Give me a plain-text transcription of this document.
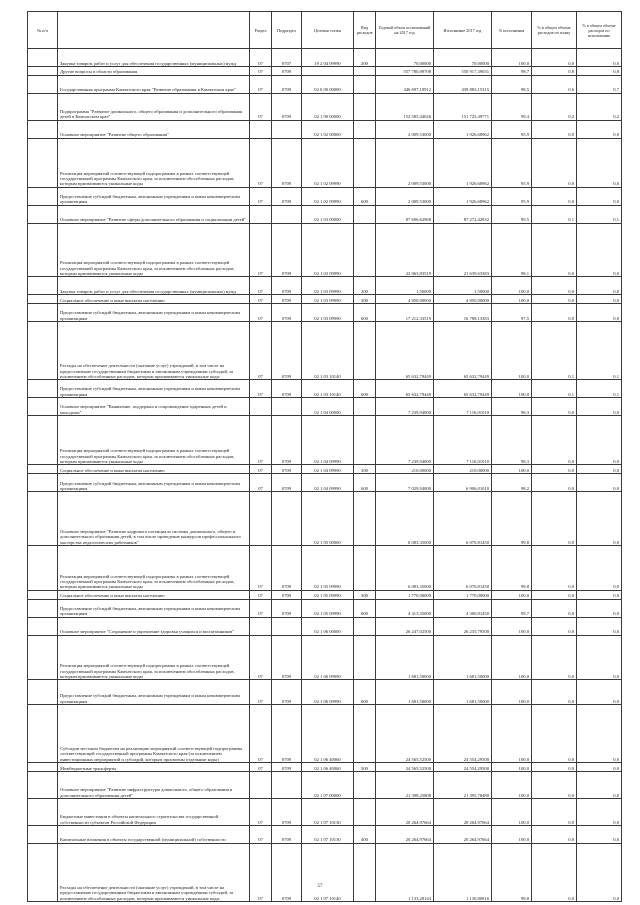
№ п/п		Раздел	Подраздел	Целевая статья	Вид расходов	Годовой объем ассигнований на 2017 год	Исполнение 2017 год	% исполнения	% в общем объеме расходов по плану	% в общем объеме расходов по исполнению
	Закупка товаров, работ и услуг для обеспечения государственных (муниципальных) нужд	07	0707	19 2 04 09990	200	70,00000	70,00000	100,0	0,0	0,0
	Другие вопросы в области образования	07	0709			557 780,89708	550 917,39031	98,7	0,8	0,8
	Государственная программа Камчатского края "Развитие образования в Камчатском крае"	07	0709	02 0 00 00000		446 697,19912	439 883,15315	98,5	0,6	0,7
	Подпрограмма "Развитие дошкольного, общего образования и дополнительного образования детей в Камчатском крае"	07	0709	02 1 00 00000		152 585,44026	151 725,49771	99,4	0,2	0,2
	Основное мероприятие "Развитие общего образования"			02 1 02 00000		2 009,53000	1 926,68962	95,9	0,0	0,0
	Реализация мероприятий соответствующей подпрограммы в рамках соответствующей государственной программы Камчатского края, за исключением обособленных расходов, которым присваиваются уникальные коды	07	0709	02 1 02 09990		2 009,53000	1 926,68962	95,9	0,0	0,0
	Предоставление субсидий бюджетным, автономным учреждениям и иным некоммерческим организациям	07	0709	02 1 02 09990	600	2 009,53000	1 926,68962	95,9	0,0	0,0
	Основное мероприятие "Развитие сферы дополнительного образования и социализации детей"			02 1 03 00000		87 696,62968	87 272,42832	99,5	0,1	0,1
	Реализация мероприятий соответствующей подпрограммы в рамках соответствующей государственной программы Камчатского края, за исключением обособленных расходов, которым присваиваются уникальные коды	07	0709	02 1 03 09990		22 063,83519	21 639,63383	98,1	0,0	0,0
	Закупка товаров, работ и услуг для обеспечения государственных (муниципальных) нужд	07	0709	02 1 03 09990	200	1,50000	1,50000	100,0	0,0	0,0
	Социальное обеспечение и иные выплаты населению	07	0709	02 1 03 09990	300	4 850,00000	4 850,00000	100,0	0,0	0,0
	Предоставление субсидий бюджетным, автономным учреждениям и иным некоммерческим организациям	07	0709	02 1 03 09990	600	17 212,33519	16 788,13383	97,5	0,0	0,0
	Расходы на обеспечение деятельности (оказание услуг) учреждений, в том числе на предоставление государственным бюджетным и автономным учреждениям субсидий, за исключением обособленных расходов, которым присваиваются уникальные коды	07	0709	02 1 03 10140		65 632,79449	65 632,79449	100,0	0,1	0,1
	Предоставление субсидий бюджетным, автономным учреждениям и иным некоммерческим организациям	07	0709	02 1 03 10140	600	65 632,79449	65 632,79449	100,0	0,1	0,1
	Основное мероприятие "Выявление, поддержка и сопровождение одаренных детей и молодежи"			02 1 04 00000		7 239,94000	7 116,01010	98,3	0,0	0,0
	Реализация мероприятий соответствующей подпрограммы в рамках соответствующей государственной программы Камчатского края, за исключением обособленных расходов, которым присваиваются уникальные коды	07	0709	02 1 04 09990		7 239,94000	7 116,01010	98,3	0,0	0,0
	Социальное обеспечение и иные выплаты населению	07	0709	02 1 04 09990	300	210,00000	210,00000	100,0	0,0	0,0
	Предоставление субсидий бюджетным, автономным учреждениям и иным некоммерческим организациям	07	0709	02 1 04 09990	600	7 029,94000	6 906,01010	98,2	0,0	0,0
	Основное мероприятие "Развитие кадрового потенциала системы дошкольного, общего и дополнительного образования детей, в том числе проведение конкурсов профессионального мастерства педагогических работников"			02 1 05 00000		6 083,35000	6 070,81450	99,8	0,0	0,0
	Реализация мероприятий соответствующей подпрограммы в рамках соответствующей государственной программы Камчатского края, за исключением обособленных расходов, которым присваиваются уникальные коды	07	0709	02 1 05 09990		6 083,35000	6 070,81450	99,8	0,0	0,0
	Социальное обеспечение и иные выплаты населению	07	0709	02 1 05 09990	300	1 770,00000	1 770,00000	100,0	0,0	0,0
	Предоставление субсидий бюджетным, автономным учреждениям и иным некоммерческим организациям	07	0709	02 1 05 09990	600	4 313,35000	4 300,81450	99,7	0,0	0,0
	Основное мероприятие "Сохранение и укрепление здоровья учащихся и воспитанников"			02 1 06 00000		26 247,02500	26 235,79500	100,0	0,0	0,0
	Реализация мероприятий соответствующей подпрограммы в рамках соответствующей государственной программы Камчатского края, за исключением обособленных расходов, которым присваиваются уникальные коды	07	0709	02 1 06 09990		1 681,50000	1 681,50000	100,0	0,0	0,0
	Предоставление субсидий бюджетным, автономным учреждениям и иным некоммерческим организациям	07	0709	02 1 06 09990	600	1 681,50000	1 681,50000	100,0	0,0	0,0
	Субсидии местным бюджетам на реализацию мероприятий соответствующей подпрограммы соответствующей государственной программы Камчатского края (за исключением инвестиционных мероприятий и субсидий, которым присвоены отдельные коды)	07	0709	02 1 06 40060		24 565,52500	24 554,29500	100,0	0,0	0,0
	Межбюджетные трансферты	07	0709	02 1 06 40060	500	24 565,52500	24 554,29500	100,0	0,0	0,0
	Основное мероприятие "Развитие инфраструктуры дошкольного, общего образования и дополнительного образования детей"			02 1 07 00000		21 398,25808	21 395,78480	100,0	0,0	0,0
	Бюджетные инвестиции в объекты капитального строительства государственной собственности субъектов Российской Федерации	07	0709	02 1 07 10130		20 264,97664	20 264,97664	100,0	0,0	0,0
	Капитальные вложения в объекты государственной (муниципальной) собственности	07	0709	02 1 07 10130	400	20 264,97664	20 264,97664	100,0	0,0	0,0
	Расходы на обеспечение деятельности (оказание услуг) учреждений, в том числе на предоставление государственным бюджетным и автономным учреждениям субсидий, за исключением обособленных расходов, которым присваиваются уникальные коды	07	0709	02 1 07 10140		1 133,28144	1 130,80816	99,8	0,0	0,0
57
